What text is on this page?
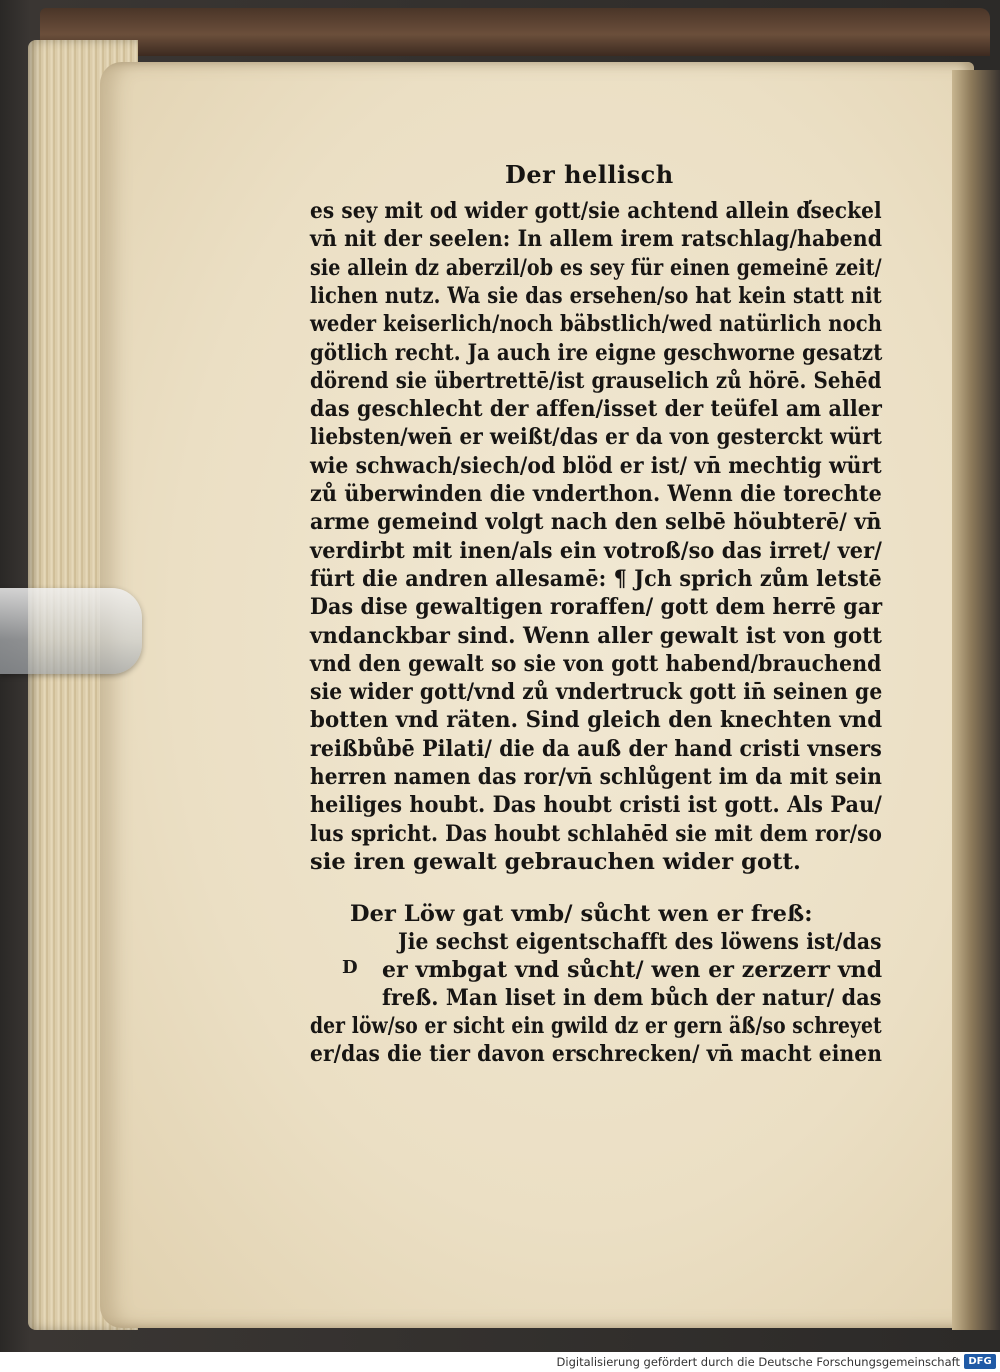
Der hellisch
es sey mit od wider gott/sie achtend allein d̕seckel
vn̄ nit der seelen: In allem irem ratschlag/habend
sie allein dz aberzil/ob es sey für einen gemeinē zeit/
lichen nutz. Wa sie das ersehen/so hat kein statt nit
weder keiserlich/noch bäbstlich/wed natürlich noch
götlich recht. Ja auch ire eigne geschworne gesatzt
dörend sie übertrettē/ist grauselich zů hörē. Sehēd
das geschlecht der affen/isset der teüfel am aller
liebsten/wen̄ er weißt/das er da von gesterckt würt
wie schwach/siech/od blöd er ist/ vn̄ mechtig würt
zů überwinden die vnderthon. Wenn die torechte
arme gemeind volgt nach den selbē höubterē/ vn̄
verdirbt mit inen/als ein votroß/so das irret/ ver/
fürt die andren allesamē: ¶ Jch sprich zům letstē
Das dise gewaltigen roraffen/ gott dem herrē gar
vndanckbar sind. Wenn aller gewalt ist von gott
vnd den gewalt so sie von gott habend/brauchend
sie wider gott/vnd zů vndertruck gott in̄ seinen ge
botten vnd räten. Sind gleich den knechten vnd
reißbůbē Pilati/ die da auß der hand cristi vnsers
herren namen das ror/vn̄ schlůgent im da mit sein
heiliges houbt. Das houbt cristi ist gott. Als Pau/
lus spricht. Das houbt schlahēd sie mit dem ror/so
sie iren gewalt gebrauchen wider gott.
Der Löw gat vmb/ sůcht wen er freß:
Jie sechst eigentschafft des löwens ist/das
er vmbgat vnd sůcht/ wen er zerzerr vnd
freß. Man liset in dem bůch der natur/ das
der löw/so er sicht ein gwild dz er gern äß/so schreyet
er/das die tier davon erschrecken/ vn̄ macht einen
D
Digitalisierung gefördert durch die Deutsche Forschungsgemeinschaft DFG
